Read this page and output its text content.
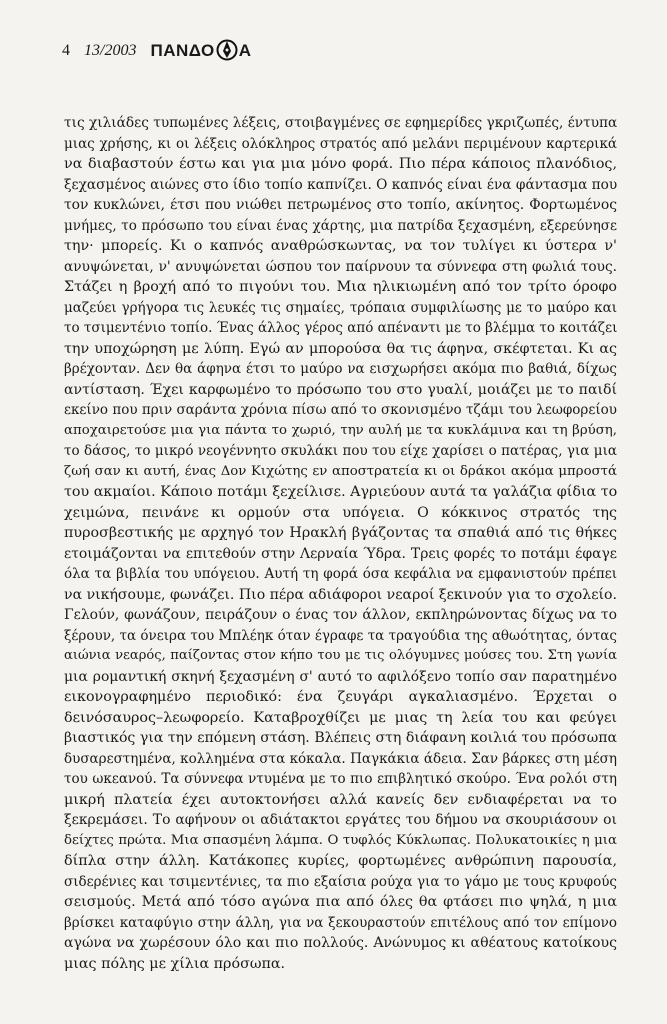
4 13/2003 ΠΑΝΔΟ Α
τις χιλιάδες τυπωμένες λέξεις, στοιβαγμένες σε εφημερίδες γκριζωπές, έντυπα
μιας χρήσης, κι οι λέξεις ολόκληρος στρατός από μελάνι περιμένουν καρτερικά
να διαβαστούν έστω και για μια μόνο φορά. Πιο πέρα κάποιος πλανόδιος,
ξεχασμένος αιώνες στο ίδιο τοπίο καπνίζει. Ο καπνός είναι ένα φάντασμα που
τον κυκλώνει, έτσι που νιώθει πετρωμένος στο τοπίο, ακίνητος. Φορτωμένος
μνήμες, το πρόσωπο του είναι ένας χάρτης, μια πατρίδα ξεχασμένη, εξερεύνησε
την· μπορείς. Κι ο καπνός αναθρώσκωντας, να τον τυλίγει κι ύστερα ν'
ανυψώνεται, ν' ανυψώνεται ώσπου τον παίρνουν τα σύννεφα στη φωλιά τους.
Στάζει η βροχή από το πιγούνι του. Μια ηλικιωμένη από τον τρίτο όροφο
μαζεύει γρήγορα τις λευκές τις σημαίες, τρόπαια συμφιλίωσης με το μαύρο και
το τσιμεντένιο τοπίο. Ένας άλλος γέρος από απέναντι με το βλέμμα το κοιτάζει
την υποχώρηση με λύπη. Εγώ αν μπορούσα θα τις άφηνα, σκέφτεται. Κι ας
βρέχονταν. Δεν θα άφηνα έτσι το μαύρο να εισχωρήσει ακόμα πιο βαθιά, δίχως
αντίσταση. Έχει καρφωμένο το πρόσωπο του στο γυαλί, μοιάζει με το παιδί
εκείνο που πριν σαράντα χρόνια πίσω από το σκονισμένο τζάμι του λεωφορείου
αποχαιρετούσε μια για πάντα το χωριό, την αυλή με τα κυκλάμινα και τη βρύση,
το δάσος, το μικρό νεογέννητο σκυλάκι που του είχε χαρίσει ο πατέρας, για μια
ζωή σαν κι αυτή, ένας Δον Κιχώτης εν αποστρατεία κι οι δράκοι ακόμα μπροστά
του ακμαίοι. Κάποιο ποτάμι ξεχείλισε. Αγριεύουν αυτά τα γαλάζια φίδια το
χειμώνα, πεινάνε κι ορμούν στα υπόγεια. Ο κόκκινος στρατός της
πυροσβεστικής με αρχηγό τον Ηρακλή βγάζοντας τα σπαθιά από τις θήκες
ετοιμάζονται να επιτεθούν στην Λερναία Ύδρα. Τρεις φορές το ποτάμι έφαγε
όλα τα βιβλία του υπόγειου. Αυτή τη φορά όσα κεφάλια να εμφανιστούν πρέπει
να νικήσουμε, φωνάζει. Πιο πέρα αδιάφοροι νεαροί ξεκινούν για το σχολείο.
Γελούν, φωνάζουν, πειράζουν ο ένας τον άλλον, εκπληρώνοντας δίχως να το
ξέρουν, τα όνειρα του Μπλέηκ όταν έγραφε τα τραγούδια της αθωότητας, όντας
αιώνια νεαρός, παίζοντας στον κήπο του με τις ολόγυμνες μούσες του. Στη γωνία
μια ρομαντική σκηνή ξεχασμένη σ' αυτό το αφιλόξενο τοπίο σαν παρατημένο
εικονογραφημένο περιοδικό: ένα ζευγάρι αγκαλιασμένο. Έρχεται ο
δεινόσαυρος–λεωφορείο. Καταβροχθίζει με μιας τη λεία του και φεύγει
βιαστικός για την επόμενη στάση. Βλέπεις στη διάφανη κοιλιά του πρόσωπα
δυσαρεστημένα, κολλημένα στα κόκαλα. Παγκάκια άδεια. Σαν βάρκες στη μέση
του ωκεανού. Τα σύννεφα ντυμένα με το πιο επιβλητικό σκούρο. Ένα ρολόι στη
μικρή πλατεία έχει αυτοκτονήσει αλλά κανείς δεν ενδιαφέρεται να το
ξεκρεμάσει. Το αφήνουν οι αδιάτακτοι εργάτες του δήμου να σκουριάσουν οι
δείχτες πρώτα. Μια σπασμένη λάμπα. Ο τυφλός Κύκλωπας. Πολυκατοικίες η μια
δίπλα στην άλλη. Κατάκοπες κυρίες, φορτωμένες ανθρώπινη παρουσία,
σιδερένιες και τσιμεντένιες, τα πιο εξαίσια ρούχα για το γάμο με τους κρυφούς
σεισμούς. Μετά από τόσο αγώνα πια από όλες θα φτάσει πιο ψηλά, η μια
βρίσκει καταφύγιο στην άλλη, για να ξεκουραστούν επιτέλους από τον επίμονο
αγώνα να χωρέσουν όλο και πιο πολλούς. Ανώνυμος κι αθέατους κατοίκους
μιας πόλης με χίλια πρόσωπα.
